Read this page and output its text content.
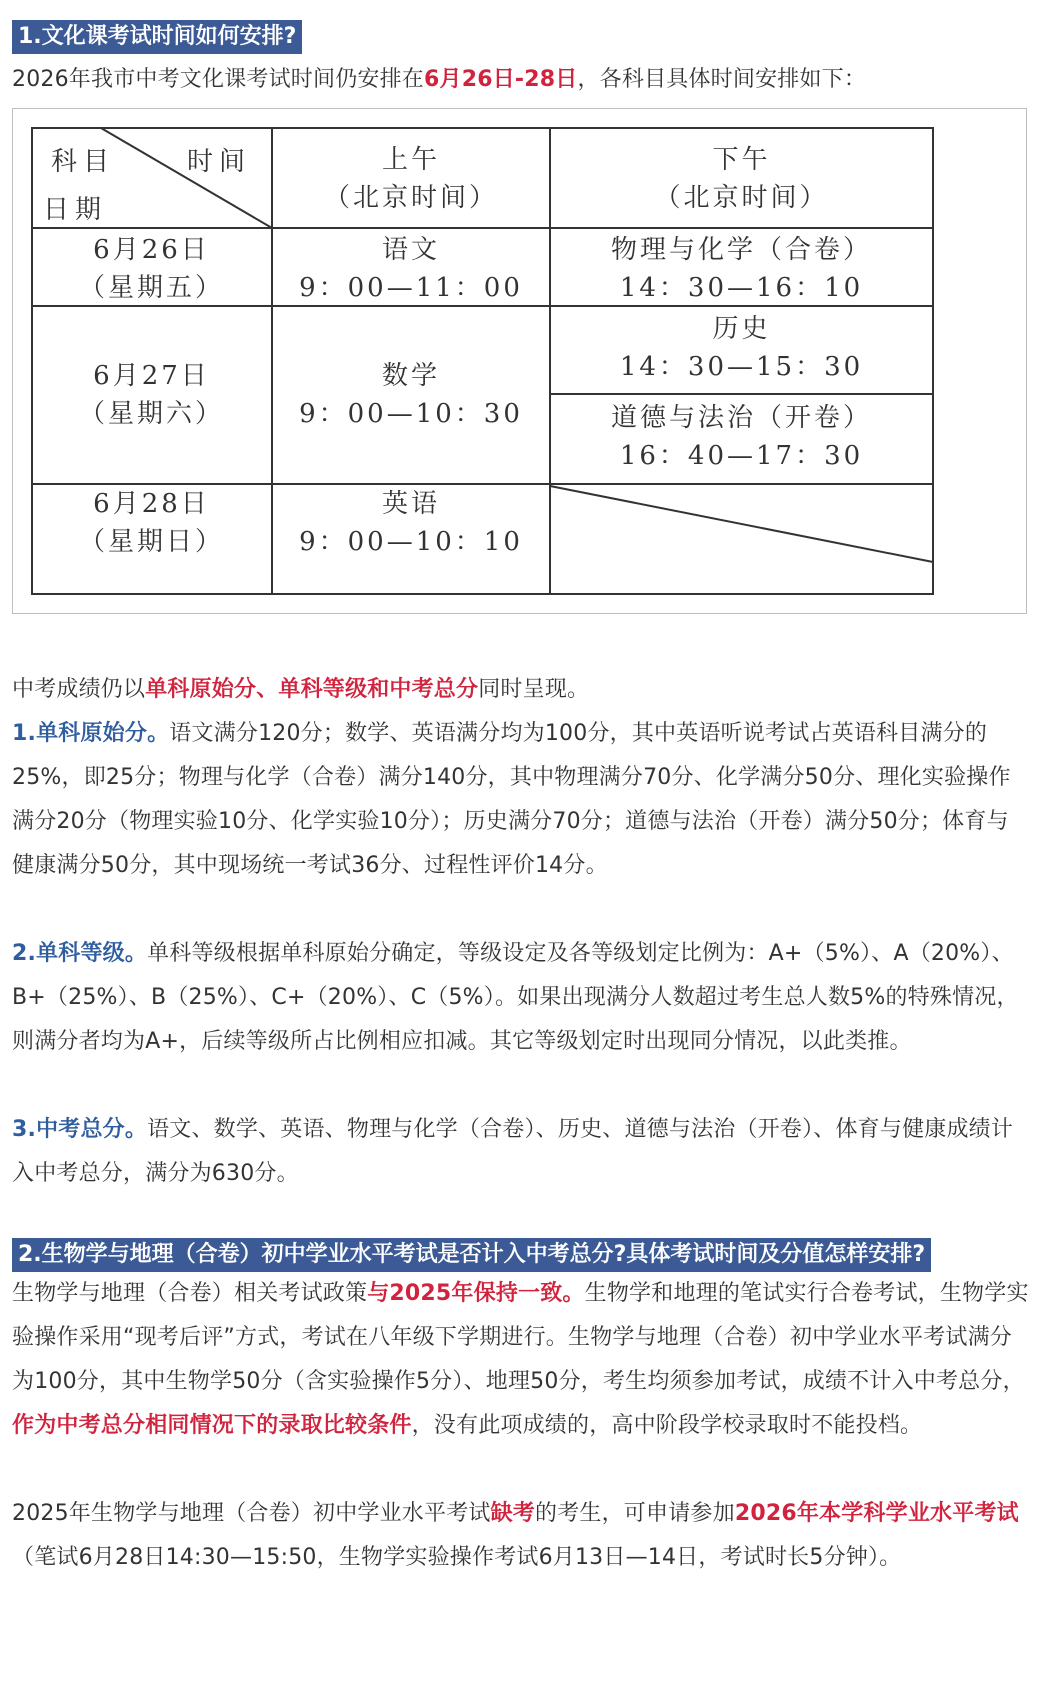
1.文化课考试时间如何安排?

2026年我市中考文化课考试时间仍安排在6月26日-28日，各科目具体时间安排如下：

科目	时间
日期
上午
（北京时间）
下午
（北京时间）
6月26日
（星期五）
语文
9：00—11：00
物理与化学（合卷）
14：30—16：10
6月27日
（星期六）
数学
9：00—10：30
历史
14：30—15：30
道德与法治（开卷）
16：40—17：30
6月28日
（星期日）
英语
9：00—10：10

中考成绩仍以单科原始分、单科等级和中考总分同时呈现。

1.单科原始分。语文满分120分；数学、英语满分均为100分，其中英语听说考试占英语科目满分的25%，即25分；物理与化学（合卷）满分140分，其中物理满分70分、化学满分50分、理化实验操作满分20分（物理实验10分、化学实验10分）；历史满分70分；道德与法治（开卷）满分50分；体育与健康满分50分，其中现场统一考试36分、过程性评价14分。

2.单科等级。单科等级根据单科原始分确定，等级设定及各等级划定比例为：A+（5%）、A（20%）、B+（25%）、B（25%）、C+（20%）、C（5%）。如果出现满分人数超过考生总人数5%的特殊情况，则满分者均为A+，后续等级所占比例相应扣减。其它等级划定时出现同分情况，以此类推。

3.中考总分。语文、数学、英语、物理与化学（合卷）、历史、道德与法治（开卷）、体育与健康成绩计入中考总分，满分为630分。

2.生物学与地理（合卷）初中学业水平考试是否计入中考总分?具体考试时间及分值怎样安排?

生物学与地理（合卷）相关考试政策与2025年保持一致。生物学和地理的笔试实行合卷考试，生物学实验操作采用“现考后评”方式，考试在八年级下学期进行。生物学与地理（合卷）初中学业水平考试满分为100分，其中生物学50分（含实验操作5分）、地理50分，考生均须参加考试，成绩不计入中考总分，作为中考总分相同情况下的录取比较条件，没有此项成绩的，高中阶段学校录取时不能投档。

2025年生物学与地理（合卷）初中学业水平考试缺考的考生，可申请参加2026年本学科学业水平考试（笔试6月28日14:30—15:50，生物学实验操作考试6月13日—14日，考试时长5分钟）。
